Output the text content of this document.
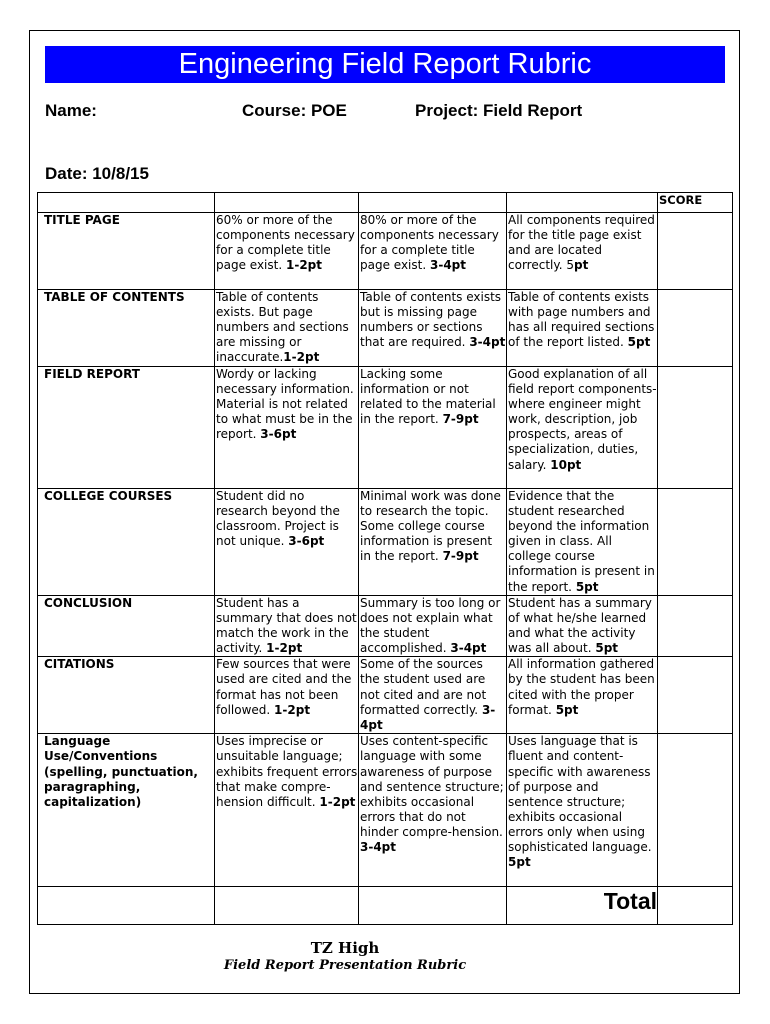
Engineering Field Report Rubric
Name:	Course: POE	Project: Field Report
Date: 10/8/15
				SCORE
TITLE PAGE	60% or more of the components necessary for a complete title page exist. 1-2pt	80% or more of the components necessary for a complete title page exist. 3-4pt	All components required for the title page exist and are located correctly. 5pt	
TABLE OF CONTENTS	Table of contents exists. But page numbers and sections are missing or inaccurate.1-2pt	Table of contents exists but is missing page numbers or sections that are required. 3-4pt	Table of contents exists with page numbers and has all required sections of the report listed. 5pt	
FIELD REPORT	Wordy or lacking necessary information. Material is not related to what must be in the report. 3-6pt	Lacking some information or not related to the material in the report. 7-9pt	Good explanation of all field report components- where engineer might work, description, job prospects, areas of specialization, duties, salary. 10pt	
COLLEGE COURSES	Student did no research beyond the classroom. Project is not unique. 3-6pt	Minimal work was done to research the topic. Some college course information is present in the report. 7-9pt	Evidence that the student researched beyond the information given in class. All college course information is present in the report. 5pt	
CONCLUSION	Student has a summary that does not match the work in the activity. 1-2pt	Summary is too long or does not explain what the student accomplished. 3-4pt	Student has a summary of what he/she learned and what the activity was all about. 5pt	
CITATIONS	Few sources that were used are cited and the format has not been followed. 1-2pt	Some of the sources the student used are not cited and are not formatted correctly. 3-4pt	All information gathered by the student has been cited with the proper format. 5pt	
Language Use/Conventions (spelling, punctuation, paragraphing, capitalization)	Uses imprecise or unsuitable language; exhibits frequent errors that make compre-hension difficult. 1-2pt	Uses content-specific language with some awareness of purpose and sentence structure; exhibits occasional errors that do not hinder compre-hension. 3-4pt	Uses language that is fluent and content-specific with awareness of purpose and sentence structure; exhibits occasional errors only when using sophisticated language. 5pt	
			Total	
TZ High
Field Report Presentation Rubric
